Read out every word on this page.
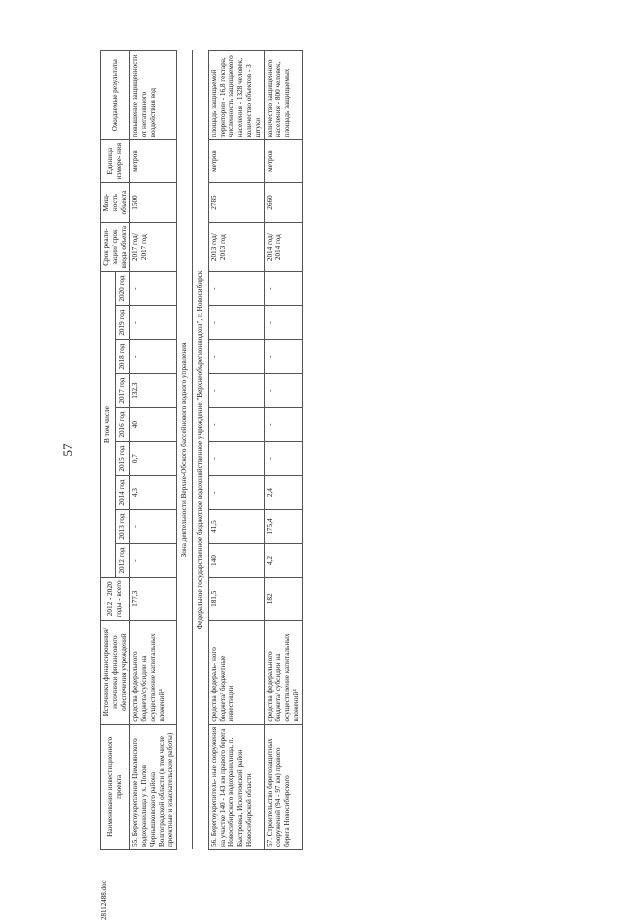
57
28112488.doc
Наименование инвестиционного проекта	Источники финансирования/ источники финансового обеспечения учреждений	2012 - 2020 годы - всего	В том числе									Срок реали- зации/ срок ввода объекта	Мощ- ность объекта	Единица измере- ния	Ожидаемые результаты
			2012 год	2013 год	2014 год	2015 год	2016 год	2017 год	2018 год	2019 год	2020 год				
55. Берегоукрепление Цимлянского водохранилища у х. Попов Чернышковского района Волгоградской области (в том числе проектные и изыскательские работы)	средства федерального бюджета/субсидии на осуществление капитальных вложений⁴	177,3	-	-	4,3	0,7	40	132,3	-	-	-	2017 год/ 2017 год	1500	метров	повышение защищенности от негативного воздействия вод
Зона деятельности Верхне-Обского бассейнового водного управления															
Федеральное государственное бюджетное водохозяйственное учреждение "Верхнеобърегионводхоз", г. Новосибирск															
56. Берегоукрепитель- ные сооружения на участке 140 - 143 км правого берега Новосибирского водохранилища, п. Быстровка, Искитимский район Новосибирской области	средства федераль- ного бюджета/ бюджетные инвестиции	181,5	140	41,5	-	-	-	-	-	-	-	2013 год/ 2013 год	2785	метров	площадь защищаемой территории - 16,8 гектара, численность защищаемого населения - 1328 человек, количество объектов - 3 штуки
57. Строительство берегозащитных сооружений (94 - 97 км) правого берега Новосибирского	средства федерального бюджета/ субсидии на осуществление капитальных вложений⁴	182	4,2	175,4	2,4	-	-	-	-	-	-	2014 год/ 2014 год	2660	метров	количество защищенного населения - 800 человек, площадь защищаемых
